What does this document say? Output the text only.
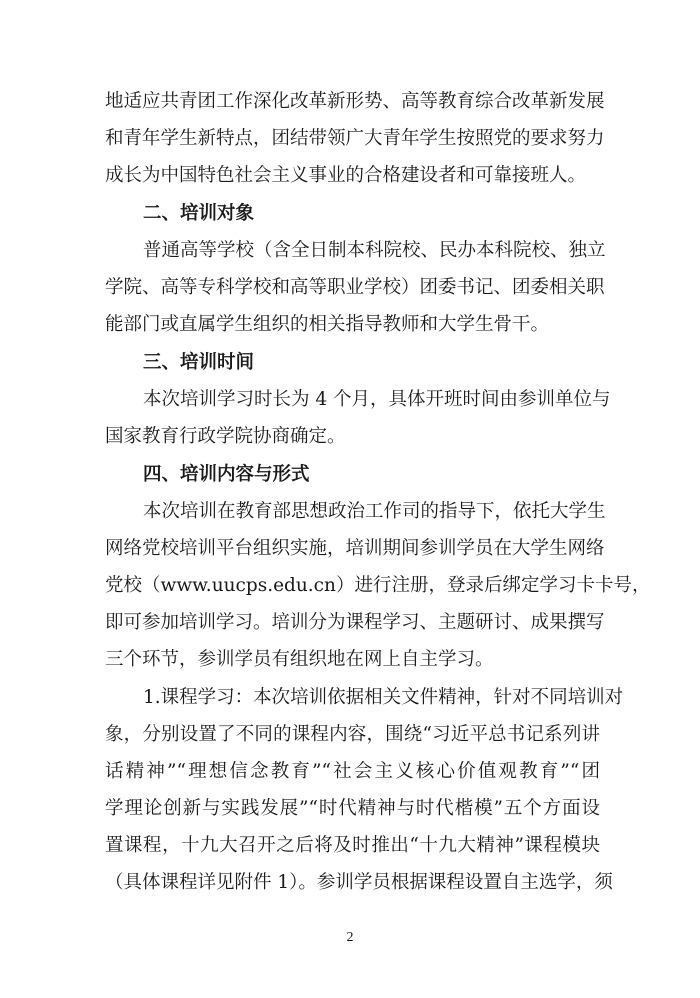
地适应共青团工作深化改革新形势、高等教育综合改革新发展
和青年学生新特点，团结带领广大青年学生按照党的要求努力
成长为中国特色社会主义事业的合格建设者和可靠接班人。
二、培训对象
普通高等学校（含全日制本科院校、民办本科院校、独立
学院、高等专科学校和高等职业学校）团委书记、团委相关职
能部门或直属学生组织的相关指导教师和大学生骨干。
三、培训时间
本次培训学习时长为 4 个月，具体开班时间由参训单位与
国家教育行政学院协商确定。
四、培训内容与形式
本次培训在教育部思想政治工作司的指导下，依托大学生
网络党校培训平台组织实施，培训期间参训学员在大学生网络
党校（www.uucps.edu.cn）进行注册，登录后绑定学习卡卡号，
即可参加培训学习。培训分为课程学习、主题研讨、成果撰写
三个环节，参训学员有组织地在网上自主学习。
1.课程学习：本次培训依据相关文件精神，针对不同培训对
象，分别设置了不同的课程内容，围绕“习近平总书记系列讲
话精神”“理想信念教育”“社会主义核心价值观教育”“团
学理论创新与实践发展”“时代精神与时代楷模”五个方面设
置课程，十九大召开之后将及时推出“十九大精神”课程模块
（具体课程详见附件 1）。参训学员根据课程设置自主选学，须
2
